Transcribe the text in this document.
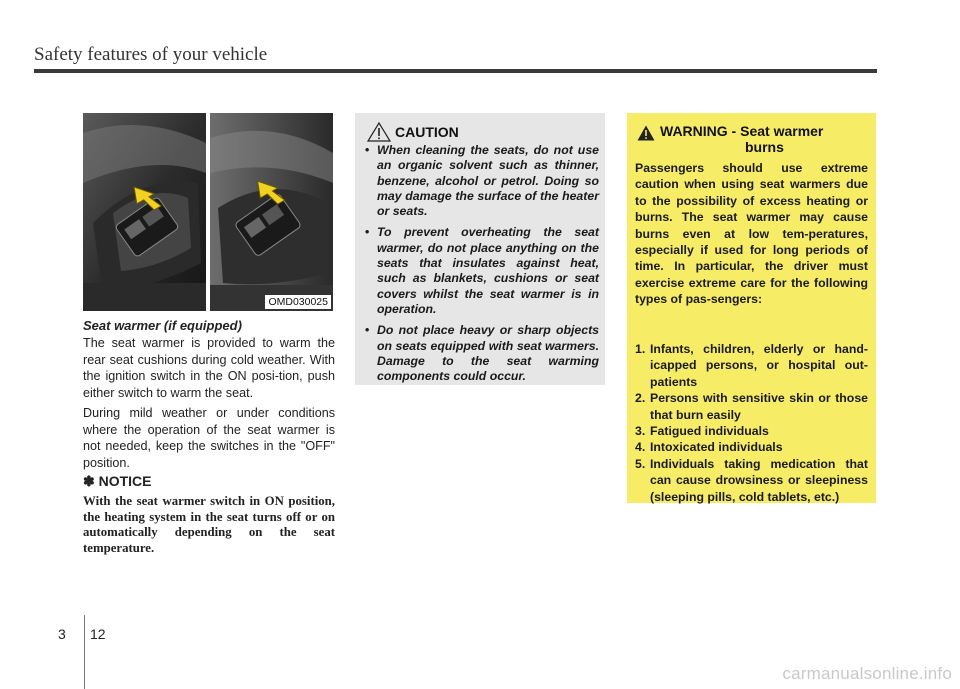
Safety features of your vehicle
OMD030025
Seat warmer (if equipped)
The seat warmer is provided to warm the rear seat cushions during cold weather. With the ignition switch in the ON posi-tion, push either switch to warm the seat.
During mild weather or under conditions where the operation of the seat warmer is not needed, keep the switches in the "OFF" position.
✽ NOTICE
With the seat warmer switch in ON position, the heating system in the seat turns off or on automatically depending on the seat temperature.
CAUTION
• When cleaning the seats, do not use an organic solvent such as thinner, benzene, alcohol or petrol. Doing so may damage the surface of the heater or seats.
• To prevent overheating the seat warmer, do not place anything on the seats that insulates against heat, such as blankets, cushions or seat covers whilst the seat warmer is in operation.
• Do not place heavy or sharp objects on seats equipped with seat warmers. Damage to the seat warming components could occur.
WARNING - Seat warmer
burns
Passengers should use extreme caution when using seat warmers due to the possibility of excess heating or burns. The seat warmer may cause burns even at low tem-peratures, especially if used for long periods of time. In particular, the driver must exercise extreme care for the following types of pas-sengers:
1. Infants, children, elderly or hand-icapped persons, or hospital out-patients
2. Persons with sensitive skin or those that burn easily
3. Fatigued individuals
4. Intoxicated individuals
5. Individuals taking medication that can cause drowsiness or sleepiness (sleeping pills, cold tablets, etc.)
3 12
carmanualsonline.info
